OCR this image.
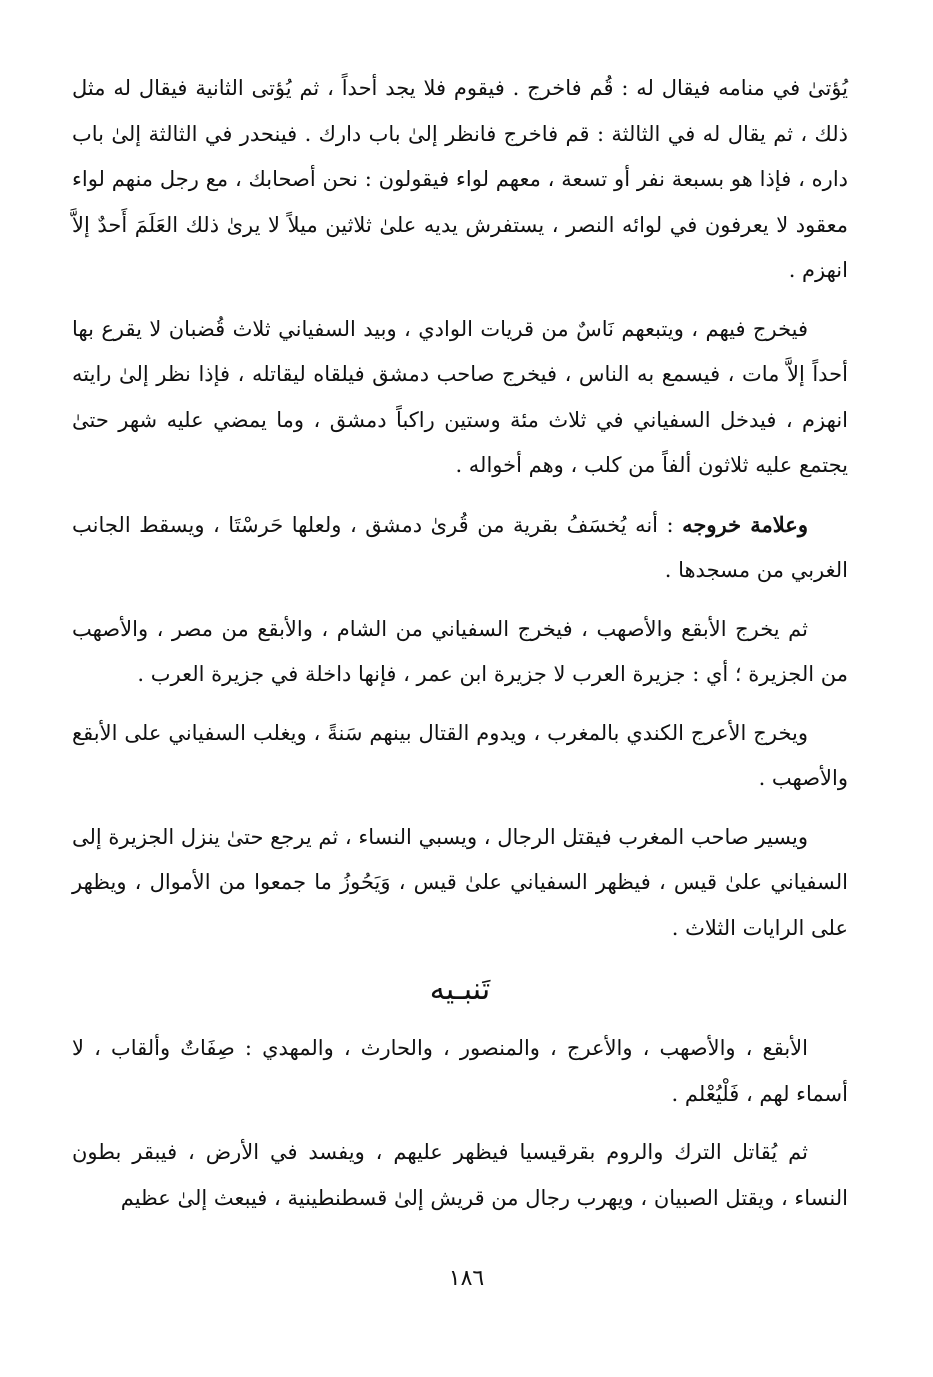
يُؤتىٰ في منامه فيقال له : قُم فاخرج . فيقوم فلا يجد أحداً ، ثم يُؤتى الثانية فيقال له مثل ذلك ، ثم يقال له في الثالثة : قم فاخرج فانظر إلىٰ باب دارك . فينحدر في الثالثة إلىٰ باب داره ، فإذا هو بسبعة نفر أو تسعة ، معهم لواء فيقولون : نحن أصحابك ، مع رجل منهم لواء معقود لا يعرفون في لوائه النصر ، يستفرش يديه علىٰ ثلاثين ميلاً لا يرىٰ ذلك العَلَمَ أَحدٌ إلاَّ انهزم .

فيخرج فيهم ، ويتبعهم نَاسٌ من قريات الوادي ، وبيد السفياني ثلاث قُضبان لا يقرع بها أحداً إلاَّ مات ، فيسمع به الناس ، فيخرج صاحب دمشق فيلقاه ليقاتله ، فإذا نظر إلىٰ رايته انهزم ، فيدخل السفياني في ثلاث مئة وستين راكباً دمشق ، وما يمضي عليه شهر حتىٰ يجتمع عليه ثلاثون ألفاً من كلب ، وهم أخواله .

وعلامة خروجه : أنه يُخسَفُ بقرية من قُرىٰ دمشق ، ولعلها حَرسْتَا ، ويسقط الجانب الغربي من مسجدها .

ثم يخرج الأبقع والأصهب ، فيخرج السفياني من الشام ، والأبقع من مصر ، والأصهب من الجزيرة ؛ أي : جزيرة العرب لا جزيرة ابن عمر ، فإنها داخلة في جزيرة العرب .

ويخرج الأعرج الكندي بالمغرب ، ويدوم القتال بينهم سَنةً ، ويغلب السفياني على الأبقع والأصهب .

ويسير صاحب المغرب فيقتل الرجال ، ويسبي النساء ، ثم يرجع حتىٰ ينزل الجزيرة إلى السفياني علىٰ قيس ، فيظهر السفياني علىٰ قيس ، وَيَحُوزُ ما جمعوا من الأموال ، ويظهر على الرايات الثلاث .

تَنبـيه

الأبقع ، والأصهب ، والأعرج ، والمنصور ، والحارث ، والمهدي : صِفَاتٌ وألقاب ، لا أسماء لهم ، فَلْيُعْلم .

ثم يُقاتل الترك والروم بقرقيسيا فيظهر عليهم ، ويفسد في الأرض ، فيبقر بطون النساء ، ويقتل الصبيان ، ويهرب رجال من قريش إلىٰ قسطنطينية ، فيبعث إلىٰ عظيم

١٨٦
